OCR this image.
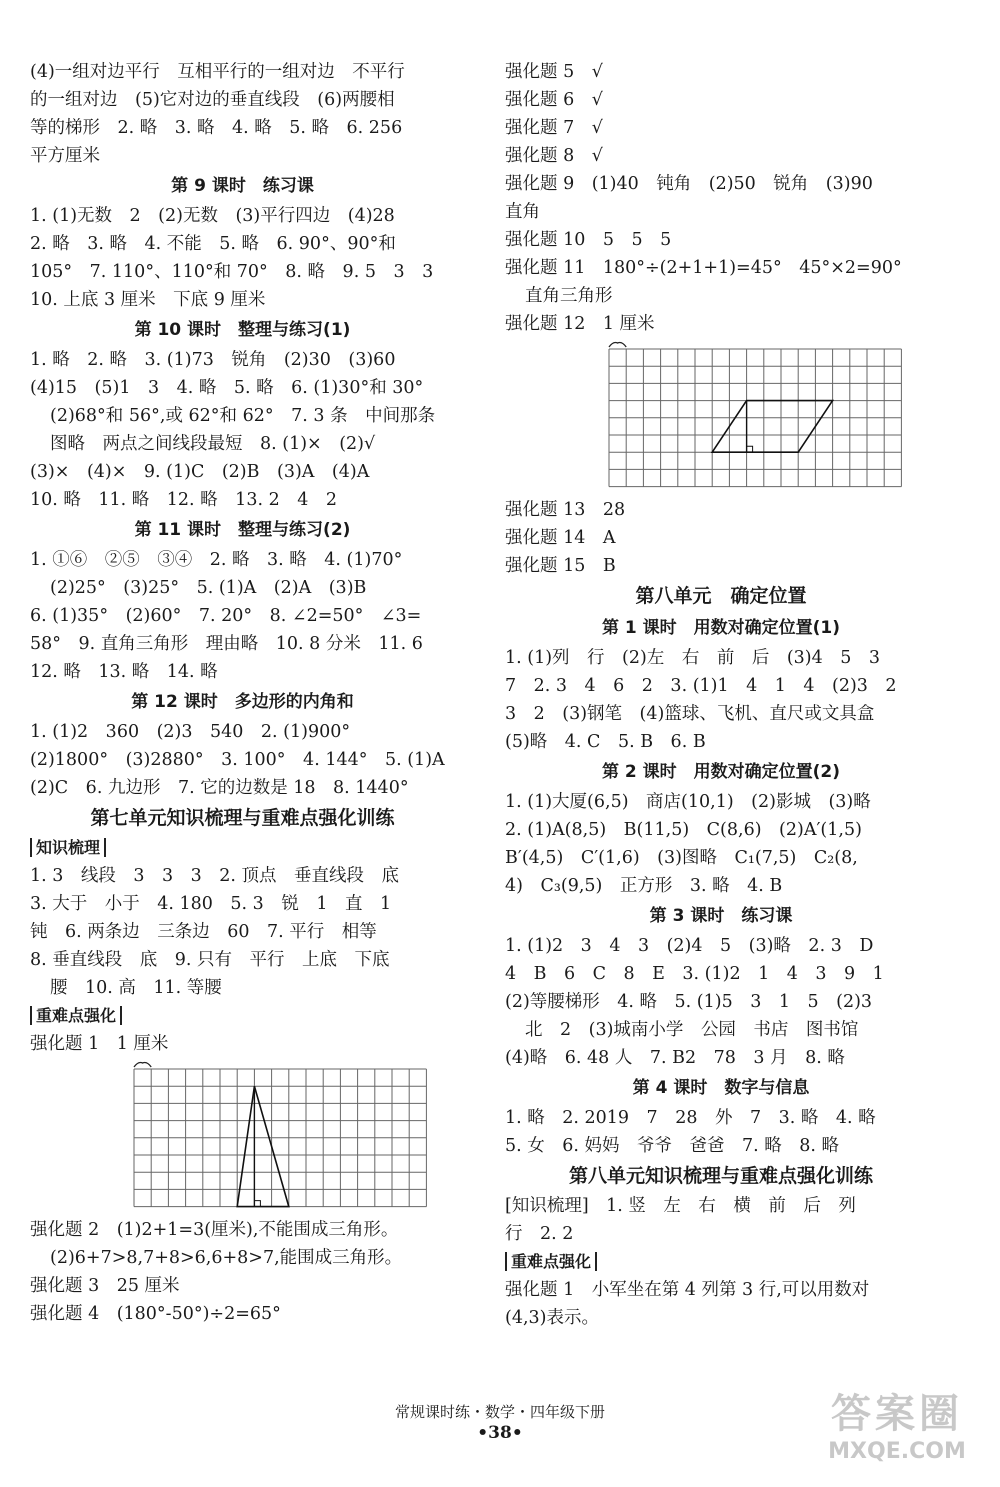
(4)一组对边平行　互相平行的一组对边　不平行
的一组对边　(5)它对边的垂直线段　(6)两腰相
等的梯形　2. 略　3. 略　4. 略　5. 略　6. 256
平方厘米
第 9 课时　练习课
1. (1)无数　2　(2)无数　(3)平行四边　(4)28
2. 略　3. 略　4. 不能　5. 略　6. 90°、90°和
105°　7. 110°、110°和 70°　8. 略　9. 5　3　3
10. 上底 3 厘米　下底 9 厘米
第 10 课时　整理与练习(1)
1. 略　2. 略　3. (1)73　锐角　(2)30　(3)60
(4)15　(5)1　3　4. 略　5. 略　6. (1)30°和 30°
(2)68°和 56°,或 62°和 62°　7. 3 条　中间那条
图略　两点之间线段最短　8. (1)×　(2)√
(3)×　(4)×　9. (1)C　(2)B　(3)A　(4)A
10. 略　11. 略　12. 略　13. 2　4　2
第 11 课时　整理与练习(2)
1. ①⑥　②⑤　③④　2. 略　3. 略　4. (1)70°
(2)25°　(3)25°　5. (1)A　(2)A　(3)B
6. (1)35°　(2)60°　7. 20°　8. ∠2=50°　∠3=
58°　9. 直角三角形　理由略　10. 8 分米　11. 6
12. 略　13. 略　14. 略
第 12 课时　多边形的内角和
1. (1)2　360　(2)3　540　2. (1)900°
(2)1800°　(3)2880°　3. 100°　4. 144°　5. (1)A
(2)C　6. 九边形　7. 它的边数是 18　8. 1440°
第七单元知识梳理与重难点强化训练
知识梳理
1. 3　线段　3　3　3　2. 顶点　垂直线段　底
3. 大于　小于　4. 180　5. 3　锐　1　直　1
钝　6. 两条边　三条边　60　7. 平行　相等
8. 垂直线段　底　9. 只有　平行　上底　下底
腰　10. 高　11. 等腰
重难点强化
强化题 1　1 厘米
强化题 2　(1)2+1=3(厘米),不能围成三角形。
(2)6+7>8,7+8>6,6+8>7,能围成三角形。
强化题 3　25 厘米
强化题 4　(180°-50°)÷2=65°
强化题 5　√
强化题 6　√
强化题 7　√
强化题 8　√
强化题 9　(1)40　钝角　(2)50　锐角　(3)90
直角
强化题 10　5　5　5
强化题 11　180°÷(2+1+1)=45°　45°×2=90°
直角三角形
强化题 12　1 厘米
强化题 13　28
强化题 14　A
强化题 15　B
第八单元　确定位置
第 1 课时　用数对确定位置(1)
1. (1)列　行　(2)左　右　前　后　(3)4　5　3
7　2. 3　4　6　2　3. (1)1　4　1　4　(2)3　2
3　2　(3)钢笔　(4)篮球、飞机、直尺或文具盒
(5)略　4. C　5. B　6. B
第 2 课时　用数对确定位置(2)
1. (1)大厦(6,5)　商店(10,1)　(2)影城　(3)略
2. (1)A(8,5)　B(11,5)　C(8,6)　(2)A′(1,5)
B′(4,5)　C′(1,6)　(3)图略　C₁(7,5)　C₂(8,
4)　C₃(9,5)　正方形　3. 略　4. B
第 3 课时　练习课
1. (1)2　3　4　3　(2)4　5　(3)略　2. 3　D
4　B　6　C　8　E　3. (1)2　1　4　3　9　1
(2)等腰梯形　4. 略　5. (1)5　3　1　5　(2)3
北　2　(3)城南小学　公园　书店　图书馆
(4)略　6. 48 人　7. B2　78　3 月　8. 略
第 4 课时　数字与信息
1. 略　2. 2019　7　28　外　7　3. 略　4. 略
5. 女　6. 妈妈　爷爷　爸爸　7. 略　8. 略
第八单元知识梳理与重难点强化训练
[知识梳理]　1. 竖　左　右　横　前　后　列
行　2. 2
重难点强化
强化题 1　小军坐在第 4 列第 3 行,可以用数对
(4,3)表示。
常规课时练・数学・四年级下册
•38•	答案圈
MXQE.COM
